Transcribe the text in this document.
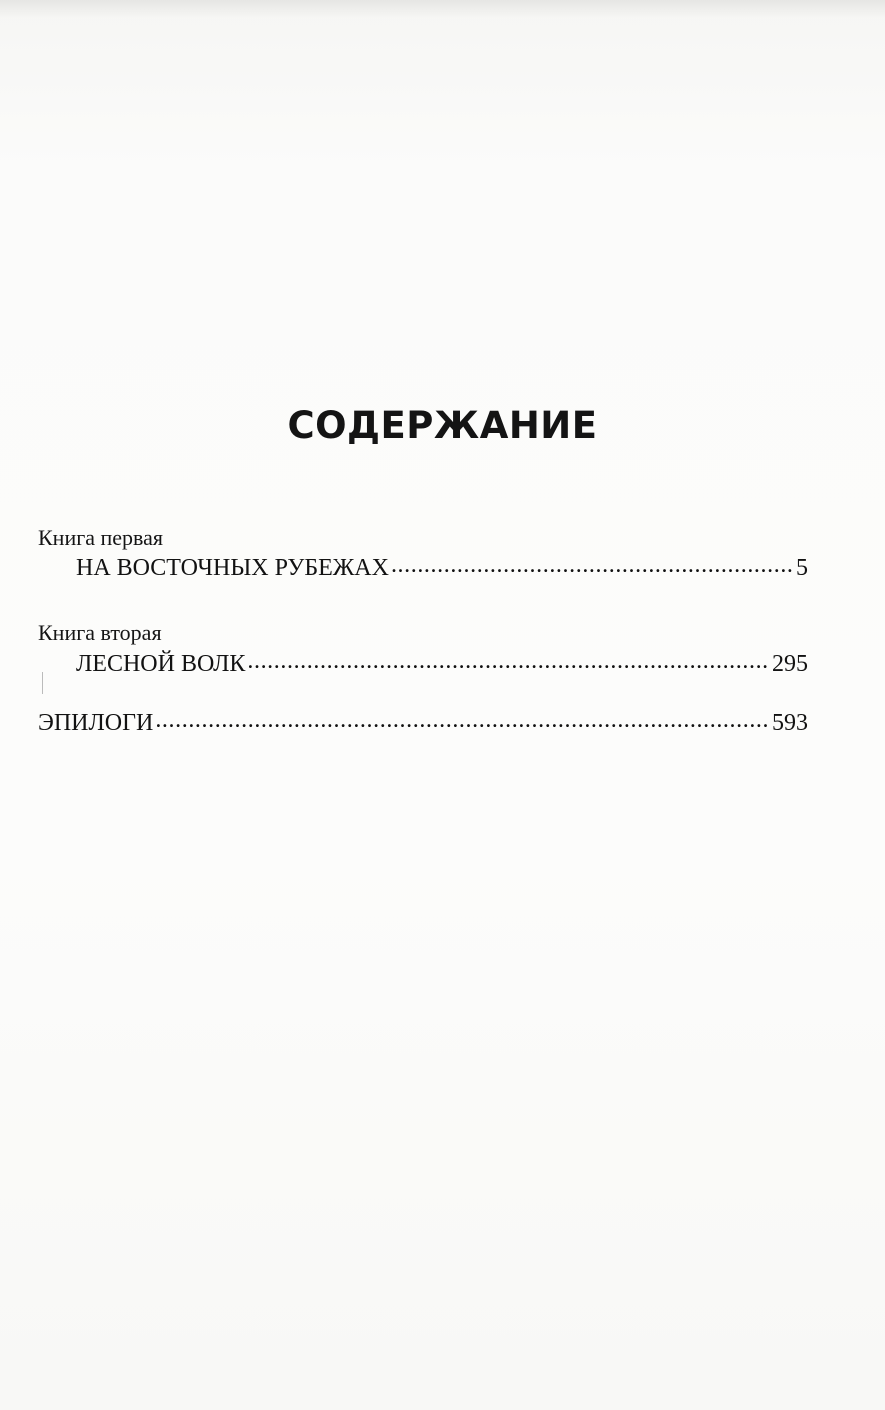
СОДЕРЖАНИЕ
Книга первая
НА ВОСТОЧНЫХ РУБЕЖАХ .....	5
Книга вторая
ЛЕСНОЙ ВОЛК .....	295
ЭПИЛОГИ .....	593
